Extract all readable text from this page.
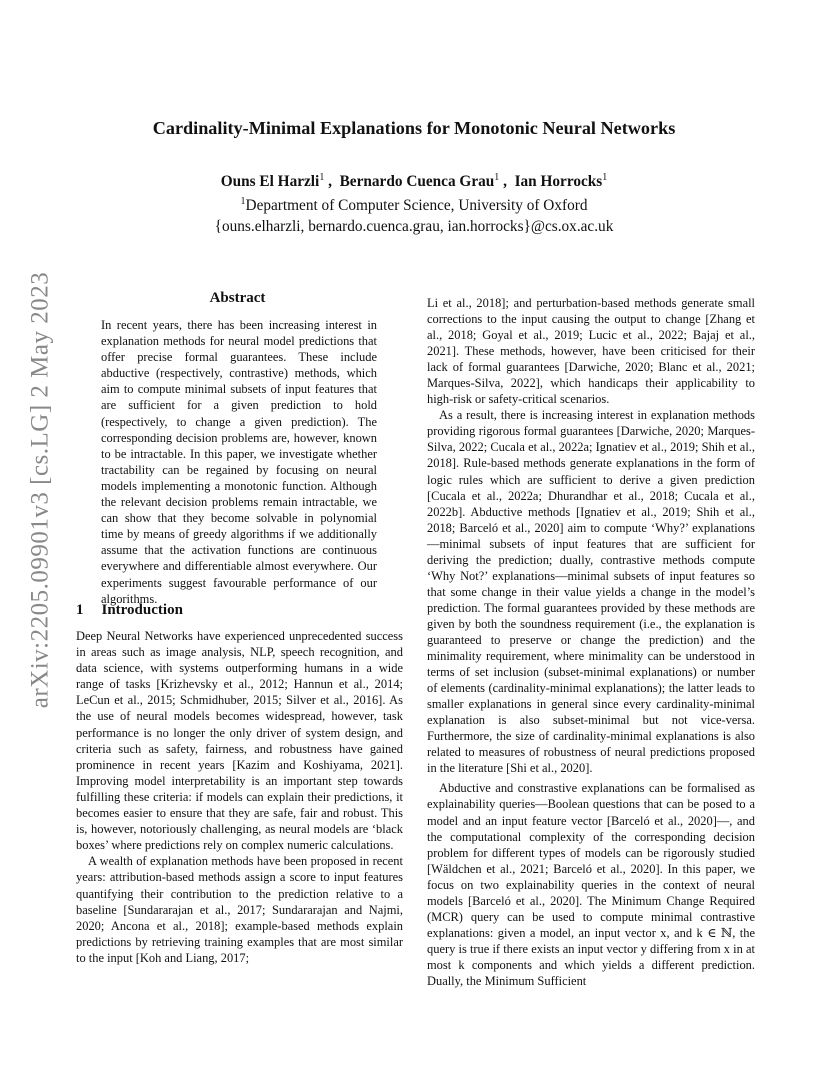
arXiv:2205.09901v3 [cs.LG] 2 May 2023
Cardinality-Minimal Explanations for Monotonic Neural Networks
Ouns El Harzli$^1$ ,  Bernardo Cuenca Grau$^1$ ,  Ian Horrocks$^1$
$^1$Department of Computer Science, University of Oxford
{ouns.elharzli, bernardo.cuenca.grau, ian.horrocks}@cs.ox.ac.uk
Abstract
In recent years, there has been increasing interest in explanation methods for neural model predictions that offer precise formal guarantees. These include abductive (respectively, contrastive) methods, which aim to compute minimal subsets of input features that are sufficient for a given prediction to hold (respectively, to change a given prediction). The corresponding decision problems are, however, known to be intractable. In this paper, we investigate whether tractability can be regained by focusing on neural models implementing a monotonic function. Although the relevant decision problems remain intractable, we can show that they become solvable in polynomial time by means of greedy algorithms if we additionally assume that the activation functions are continuous everywhere and differentiable almost everywhere. Our experiments suggest favourable performance of our algorithms.
1 Introduction

Deep Neural Networks have experienced unprecedented success in areas such as image analysis, NLP, speech recognition, and data science, with systems outperforming humans in a wide range of tasks [Krizhevsky et al., 2012; Hannun et al., 2014; LeCun et al., 2015; Schmidhuber, 2015; Silver et al., 2016]. As the use of neural models becomes widespread, however, task performance is no longer the only driver of system design, and criteria such as safety, fairness, and robustness have gained prominence in recent years [Kazim and Koshiyama, 2021]. Improving model interpretability is an important step towards fulfilling these criteria: if models can explain their predictions, it becomes easier to ensure that they are safe, fair and robust. This is, however, notoriously challenging, as neural models are ‘black boxes’ where predictions rely on complex numeric calculations.

A wealth of explanation methods have been proposed in recent years: attribution-based methods assign a score to input features quantifying their contribution to the prediction relative to a baseline [Sundararajan et al., 2017; Sundararajan and Najmi, 2020; Ancona et al., 2018]; example-based methods explain predictions by retrieving training examples that are most similar to the input [Koh and Liang, 2017;

Li et al., 2018]; and perturbation-based methods generate small corrections to the input causing the output to change [Zhang et al., 2018; Goyal et al., 2019; Lucic et al., 2022; Bajaj et al., 2021]. These methods, however, have been criticised for their lack of formal guarantees [Darwiche, 2020; Blanc et al., 2021; Marques-Silva, 2022], which handicaps their applicability to high-risk or safety-critical scenarios.

As a result, there is increasing interest in explanation methods providing rigorous formal guarantees [Darwiche, 2020; Marques-Silva, 2022; Cucala et al., 2022a; Ignatiev et al., 2019; Shih et al., 2018]. Rule-based methods generate explanations in the form of logic rules which are sufficient to derive a given prediction [Cucala et al., 2022a; Dhurandhar et al., 2018; Cucala et al., 2022b]. Abductive methods [Ignatiev et al., 2019; Shih et al., 2018; Barceló et al., 2020] aim to compute ‘Why?’ explanations—minimal subsets of input features that are sufficient for deriving the prediction; dually, contrastive methods compute ‘Why Not?’ explanations—minimal subsets of input features so that some change in their value yields a change in the model’s prediction. The formal guarantees provided by these methods are given by both the soundness requirement (i.e., the explanation is guaranteed to preserve or change the prediction) and the minimality requirement, where minimality can be understood in terms of set inclusion (subset-minimal explanations) or number of elements (cardinality-minimal explanations); the latter leads to smaller explanations in general since every cardinality-minimal explanation is also subset-minimal but not vice-versa. Furthermore, the size of cardinality-minimal explanations is also related to measures of robustness of neural predictions proposed in the literature [Shi et al., 2020].

Abductive and constrastive explanations can be formalised as explainability queries—Boolean questions that can be posed to a model and an input feature vector [Barceló et al., 2020]—, and the computational complexity of the corresponding decision problem for different types of models can be rigorously studied [Wäldchen et al., 2021; Barceló et al., 2020]. In this paper, we focus on two explainability queries in the context of neural models [Barceló et al., 2020]. The Minimum Change Required (MCR) query can be used to compute minimal contrastive explanations: given a model, an input vector x, and k ∈ ℕ, the query is true if there exists an input vector y differing from x in at most k components and which yields a different prediction. Dually, the Minimum Sufficient
